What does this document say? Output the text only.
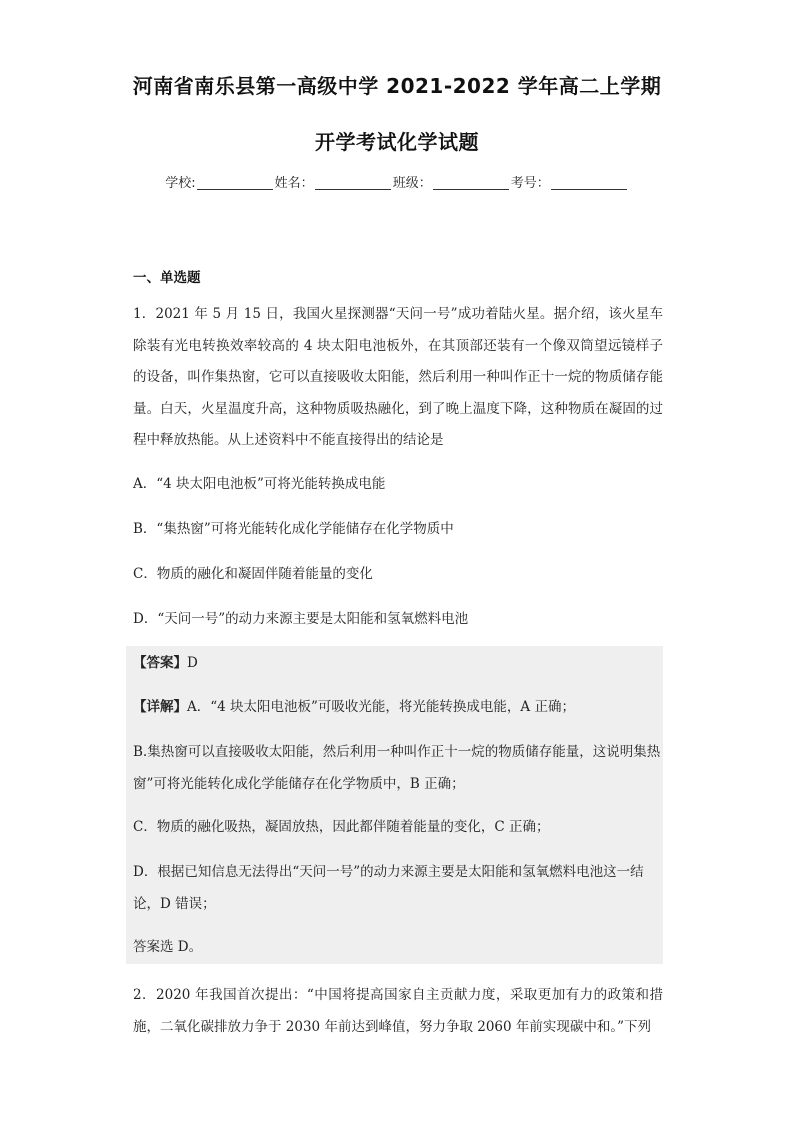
河南省南乐县第一高级中学 2021-2022 学年高二上学期
开学考试化学试题
学校:	姓名：	班级：	考号：
一、单选题

1．2021 年 5 月 15 日，我国火星探测器“天问一号”成功着陆火星。据介绍，该火星车除装有光电转换效率较高的 4 块太阳电池板外，在其顶部还装有一个像双筒望远镜样子的设备，叫作集热窗，它可以直接吸收太阳能，然后利用一种叫作正十一烷的物质储存能量。白天，火星温度升高，这种物质吸热融化，到了晚上温度下降，这种物质在凝固的过程中释放热能。从上述资料中不能直接得出的结论是

A．“4 块太阳电池板”可将光能转换成电能
B．“集热窗”可将光能转化成化学能储存在化学物质中
C．物质的融化和凝固伴随着能量的变化
D．“天问一号”的动力来源主要是太阳能和氢氧燃料电池

【答案】D

【详解】A．“4 块太阳电池板”可吸收光能，将光能转换成电能，A 正确；

B.集热窗可以直接吸收太阳能，然后利用一种叫作正十一烷的物质储存能量，这说明集热窗”可将光能转化成化学能储存在化学物质中，B 正确；

C．物质的融化吸热，凝固放热，因此都伴随着能量的变化，C 正确；

D．根据已知信息无法得出“天问一号”的动力来源主要是太阳能和氢氧燃料电池这一结论，D 错误；

答案选 D。

2．2020 年我国首次提出：“中国将提高国家自主贡献力度，采取更加有力的政策和措施，二氧化碳排放力争于 2030 年前达到峰值，努力争取 2060 年前实现碳中和。”下列
